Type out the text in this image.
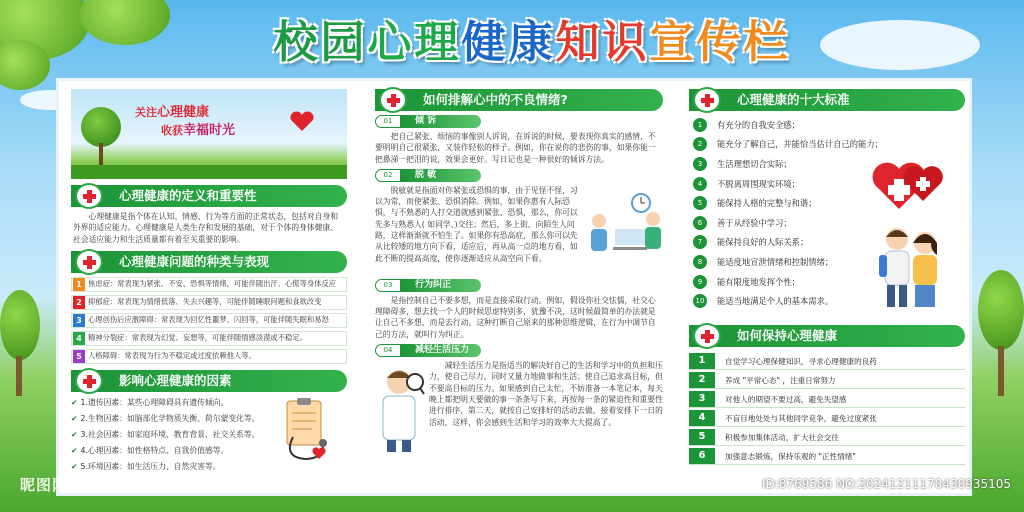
校园 心理 健康 知识 宣传栏
关注心理健康
收获幸福时光
心理健康的定义和重要性
心理健康是指个体在认知、情感、行为等方面的正常状态，包括对自身和外界的适应能力。心理健康是人类生存和发展的基础，对于个体的身体健康、社会适应能力和生活质量都有着至关重要的影响。
心理健康问题的种类与表现
1 焦虑症：常表现为紧张、不安、恐惧等情绪，可能伴随出汗、心慌等身体反应
2 抑郁症：常表现为情绪低落、失去兴趣等，可能伴随睡眠问题和食欲改变
3 心理创伤后应激障碍：常表现为回忆性噩梦、闪回等，可能伴随失眠和易怒
4 精神分裂症：常表现为幻觉、妄想等，可能伴随情感淡漠或不稳定。
5 人格障碍：常表现为行为不稳定或过度依赖他人等。
影响心理健康的因素
✔ 1.遗传因素：某些心理障碍具有遗传倾向。
✔ 2.生物因素：如脑部化学物质失衡、荷尔蒙变化等。
✔ 3.社会因素：如家庭环境、教育背景、社交关系等。
✔ 4.心理因素：如性格特点、自我价值感等。
✔ 5.环境因素：如生活压力、自然灾害等。
如何排解心中的不良情绪?
01	倾 诉
把自己紧张、烦恼的事像别人诉说，在诉说的时候，要表现你真实的感情，不要明明自己很紧张，又装作轻松的样子。例如，你在说你的悲伤的事，如果你能一把鼻涕一把泪的说，效果会更好。写日记也是一种很好的倾诉方法。
02	脱 敏
脱敏就是指面对你紧张或恐惧的事，由于见怪不怪，习以为常，而使紧张、恐惧消除。例如，如果你惠有人际恐惧，与不熟悉的人打交道就感到紧张、恐惧，那么，你可以先多与熟悉人( 如同学、)交往；然后，多上街，向陌生人问路，这样渐渐就不怕生了。如果你有恐高症，那么你可以先从比较矮的地方向下看，适应后，再从高一点的地方看，如此不断的提高高度，使你逐渐适应从高空向下看。
03	行为纠正
是指控制自己不要多想，而是直接采取行动。例如，假设你社交怯懦，社交心理障碍多，想去找一个人的时候思虑特别多，犹豫不决，这时候最简单的办法就是让自己不多想，而是去行动。这种打断自己原来的那种思维逻辑，在行为中调节自己的方法，就叫行为纠正。
04	减轻生活压力
减轻生活压力是指适当的解决好自己的生活和学习中的负担和压力，使自己尽力，同时又量力地做事和生活；使自己追求高目标，但不要高目标的压力。如果感到自己太忙，不妨准备一本笔记本，每天晚上都把明天要做的事一条条写下来，再按每一条的紧迫性和重要性进行排序，第二天，就按自己安排好的活动去做，接着安排下一日的活动，这样，你会感到生活和学习的效率大大提高了。
心理健康的十大标准
1	有充分的自我安全感；
2	能充分了解自己，并能恰当估计自己的能力；
3	生活理想切合实际；
4	不脱离周围现实环境；
5	能保持人格的完整与和谐；
6	善于从经验中学习；
7	能保持良好的人际关系；
8	能适度地宣泄情绪和控制情绪；
9	能有限度地发挥个性；
10	能适当地满足个人的基本需求。
如何保持心理健康
1	自觉学习心理保健知识，寻求心理健康的良药
2	养成 "平常心态" ，注重日常努力
3	对他人的期望不要过高，避免失望感
4	不盲目地处处与其他同学竞争，避免过度紧张
5	积极参加集体活动，扩大社会交往
6	加强意志锻炼，保持乐观的 "正性情绪"
昵图网 www.nipic.com	ID:8769586 NO:20241211170430935105
